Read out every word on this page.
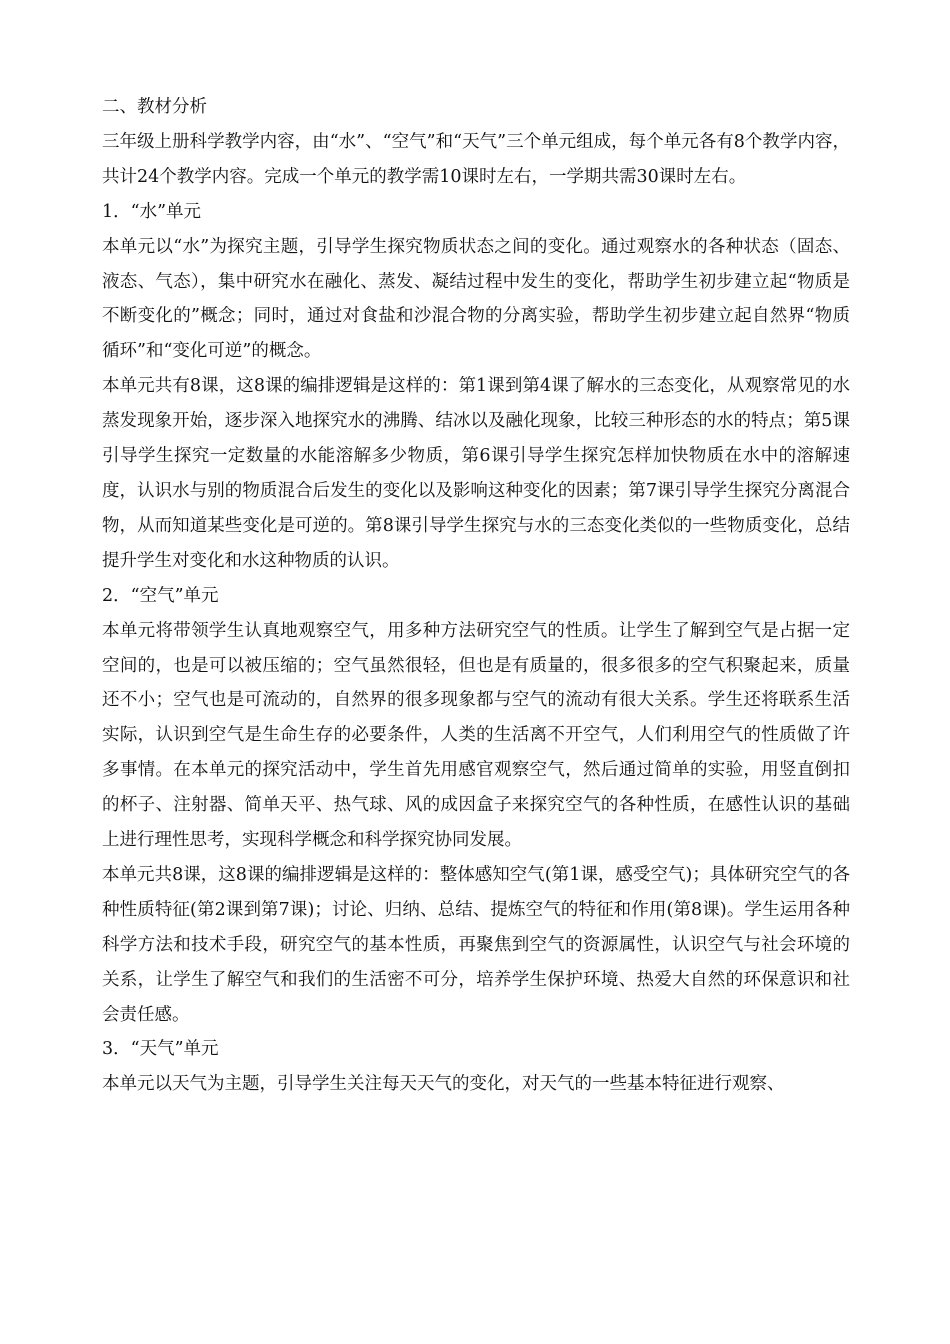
二、教材分析

三年级上册科学教学内容，由“水”、“空气”和“天气”三个单元组成，每个单元各有8个教学内容，共计24个教学内容。完成一个单元的教学需10课时左右，一学期共需30课时左右。

1．“水”单元

本单元以“水”为探究主题，引导学生探究物质状态之间的变化。通过观察水的各种状态（固态、液态、气态），集中研究水在融化、蒸发、凝结过程中发生的变化，帮助学生初步建立起“物质是不断变化的”概念；同时，通过对食盐和沙混合物的分离实验，帮助学生初步建立起自然界“物质循环”和“变化可逆”的概念。

本单元共有8课，这8课的编排逻辑是这样的：第1课到第4课了解水的三态变化，从观察常见的水蒸发现象开始，逐步深入地探究水的沸腾、结冰以及融化现象，比较三种形态的水的特点；第5课引导学生探究一定数量的水能溶解多少物质，第6课引导学生探究怎样加快物质在水中的溶解速度，认识水与别的物质混合后发生的变化以及影响这种变化的因素；第7课引导学生探究分离混合物，从而知道某些变化是可逆的。第8课引导学生探究与水的三态变化类似的一些物质变化，总结提升学生对变化和水这种物质的认识。

2．“空气”单元

本单元将带领学生认真地观察空气，用多种方法研究空气的性质。让学生了解到空气是占据一定空间的，也是可以被压缩的；空气虽然很轻，但也是有质量的，很多很多的空气积聚起来，质量还不小；空气也是可流动的，自然界的很多现象都与空气的流动有很大关系。学生还将联系生活实际，认识到空气是生命生存的必要条件，人类的生活离不开空气，人们利用空气的性质做了许多事情。在本单元的探究活动中，学生首先用感官观察空气，然后通过简单的实验，用竖直倒扣的杯子、注射器、简单天平、热气球、风的成因盒子来探究空气的各种性质，在感性认识的基础上进行理性思考，实现科学概念和科学探究协同发展。

本单元共8课，这8课的编排逻辑是这样的：整体感知空气(第1课，感受空气)；具体研究空气的各种性质特征(第2课到第7课)；讨论、归纳、总结、提炼空气的特征和作用(第8课)。学生运用各种科学方法和技术手段，研究空气的基本性质，再聚焦到空气的资源属性，认识空气与社会环境的关系，让学生了解空气和我们的生活密不可分，培养学生保护环境、热爱大自然的环保意识和社会责任感。

3．“天气”单元

本单元以天气为主题，引导学生关注每天天气的变化，对天气的一些基本特征进行观察、
